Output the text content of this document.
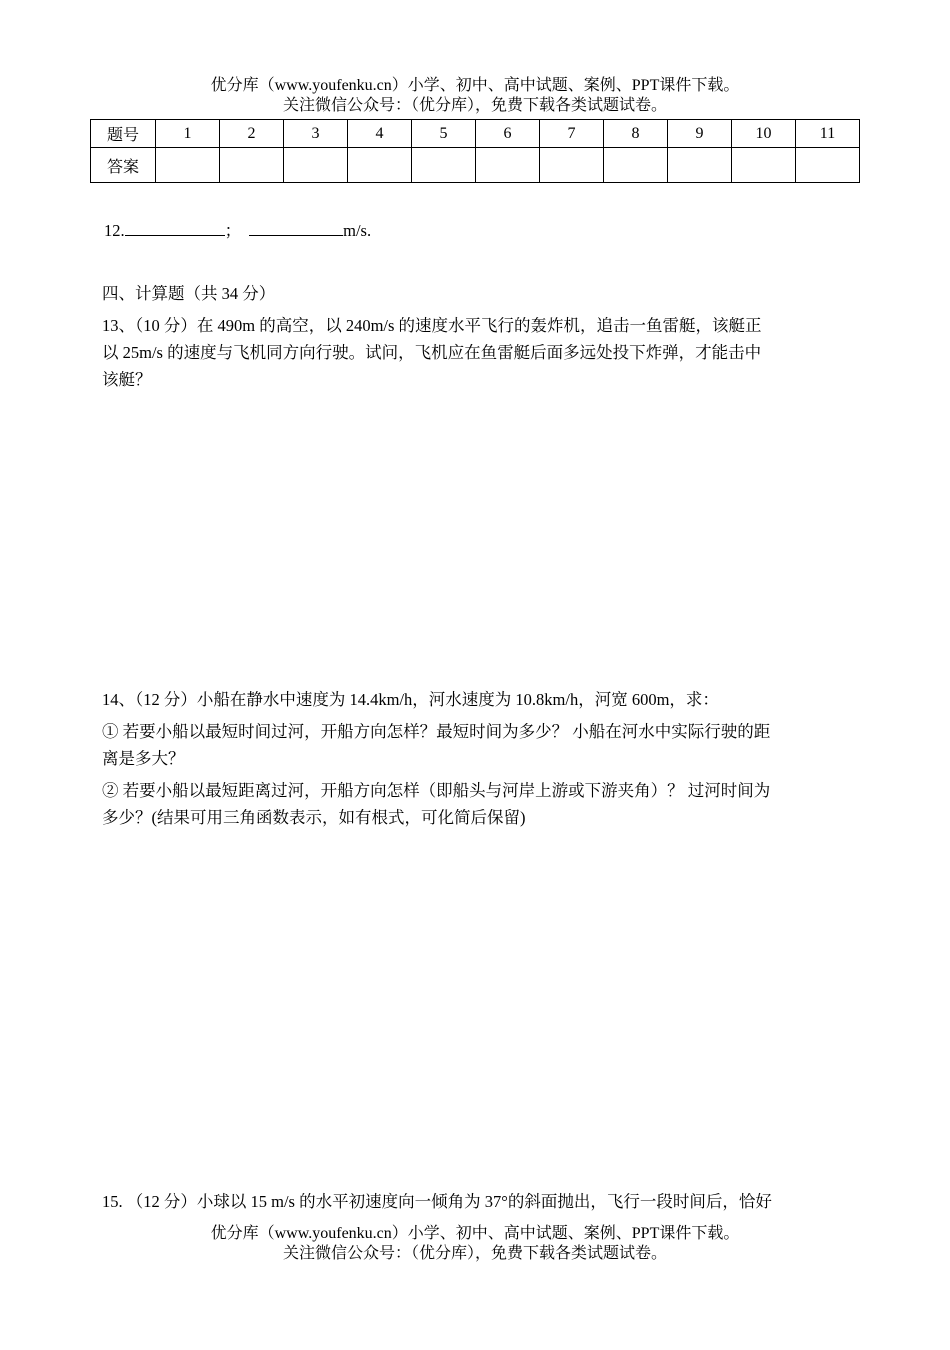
优分库（www.youfenku.cn）小学、初中、高中试题、案例、PPT课件下载。
关注微信公众号：（优分库），免费下载各类试题试卷。
题号	1	2	3	4	5	6	7	8	9	10	11
答案											
12.	；	m/s.
四、计算题（共 34 分）
13、（10 分）在 490m 的高空，以 240m/s 的速度水平飞行的轰炸机，追击一鱼雷艇，该艇正
以 25m/s 的速度与飞机同方向行驶。试问，飞机应在鱼雷艇后面多远处投下炸弹，才能击中
该艇？
14、（12 分）小船在静水中速度为 14.4km/h，河水速度为 10.8km/h，河宽 600m，求：
① 若要小船以最短时间过河，开船方向怎样？最短时间为多少？ 小船在河水中实际行驶的距
离是多大？
② 若要小船以最短距离过河，开船方向怎样（即船头与河岸上游或下游夹角）？ 过河时间为
多少？(结果可用三角函数表示，如有根式，可化简后保留)
15. （12 分）小球以 15 m/s 的水平初速度向一倾角为 37°的斜面抛出，飞行一段时间后，恰好
优分库（www.youfenku.cn）小学、初中、高中试题、案例、PPT课件下载。
关注微信公众号：（优分库），免费下载各类试题试卷。
